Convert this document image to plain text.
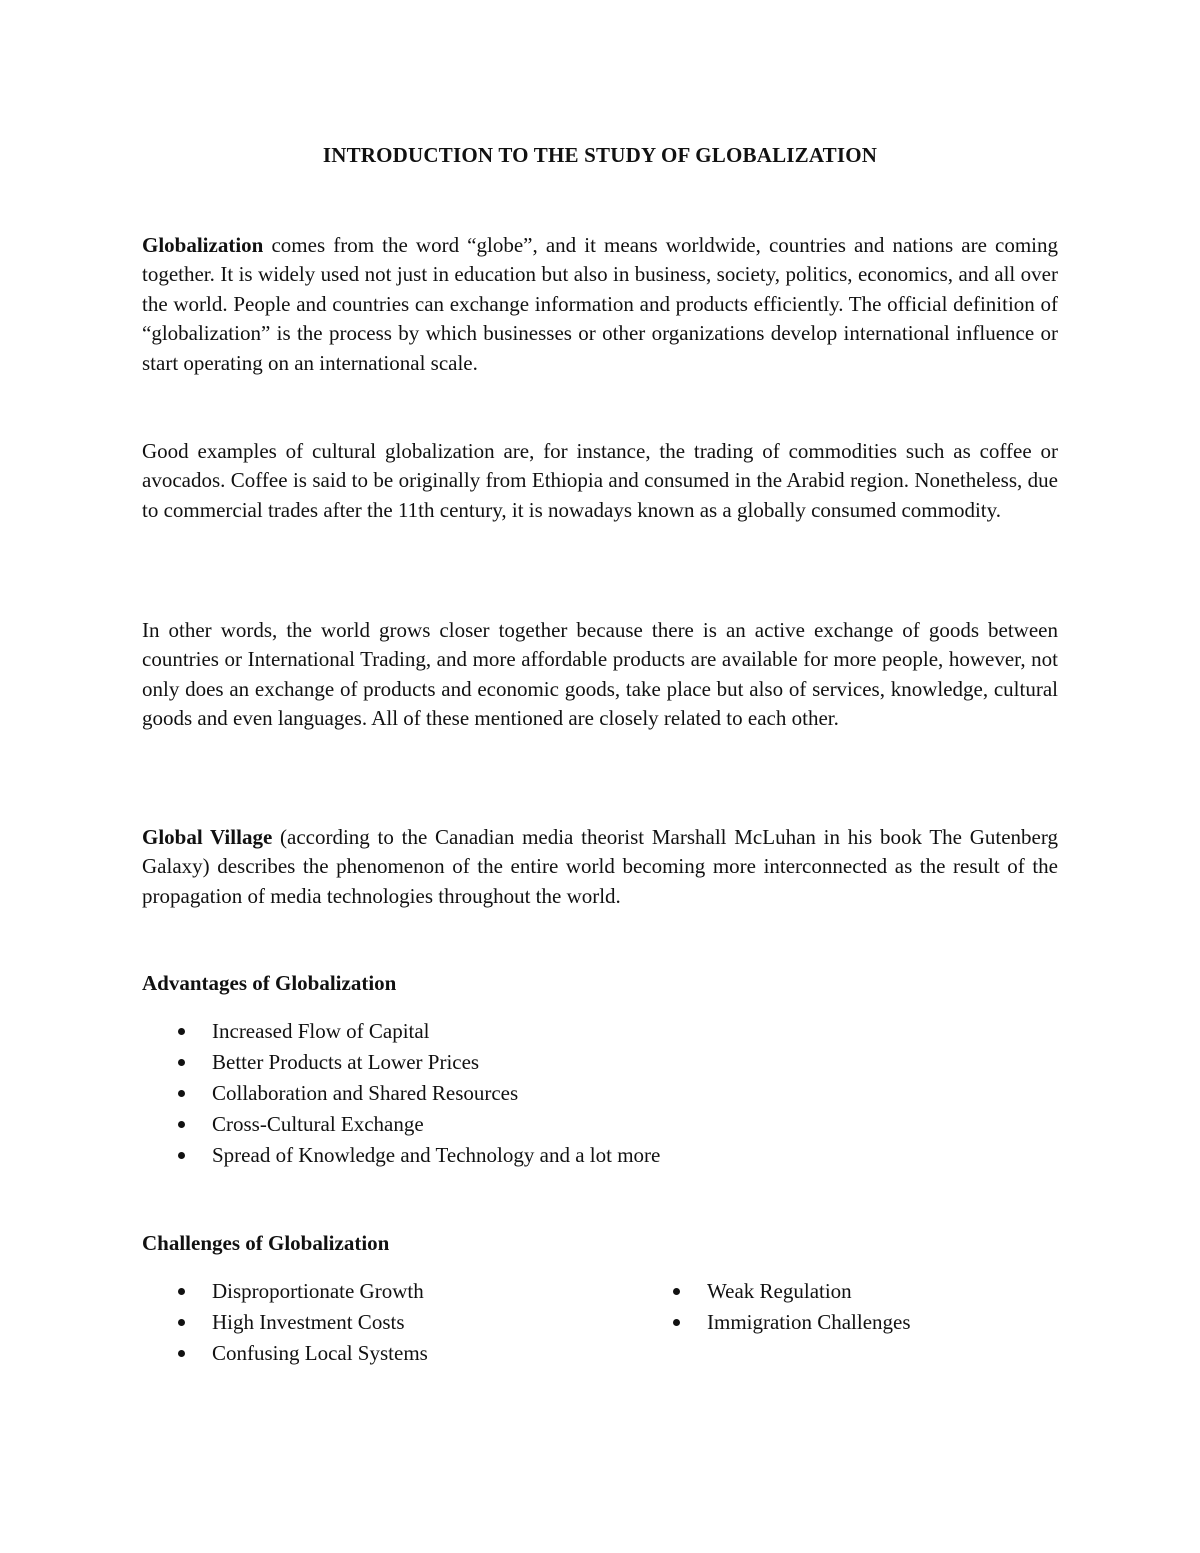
INTRODUCTION TO THE STUDY OF GLOBALIZATION
Globalization comes from the word “globe”, and it means worldwide, countries and nations are coming together. It is widely used not just in education but also in business, society, politics, economics, and all over the world. People and countries can exchange information and products efficiently. The official definition of “globalization” is the process by which businesses or other organizations develop international influence or start operating on an international scale.
Good examples of cultural globalization are, for instance, the trading of commodities such as coffee or avocados. Coffee is said to be originally from Ethiopia and consumed in the Arabid region. Nonetheless, due to commercial trades after the 11th century, it is nowadays known as a globally consumed commodity.
In other words, the world grows closer together because there is an active exchange of goods between countries or International Trading, and more affordable products are available for more people, however, not only does an exchange of products and economic goods, take place but also of services, knowledge, cultural goods and even languages. All of these mentioned are closely related to each other.
Global Village (according to the Canadian media theorist Marshall McLuhan in his book The Gutenberg Galaxy) describes the phenomenon of the entire world becoming more interconnected as the result of the propagation of media technologies throughout the world.
Advantages of Globalization
Increased Flow of Capital
Better Products at Lower Prices
Collaboration and Shared Resources
Cross-Cultural Exchange
Spread of Knowledge and Technology and a lot more
Challenges of Globalization
Disproportionate Growth
High Investment Costs
Confusing Local Systems
Weak Regulation
Immigration Challenges
